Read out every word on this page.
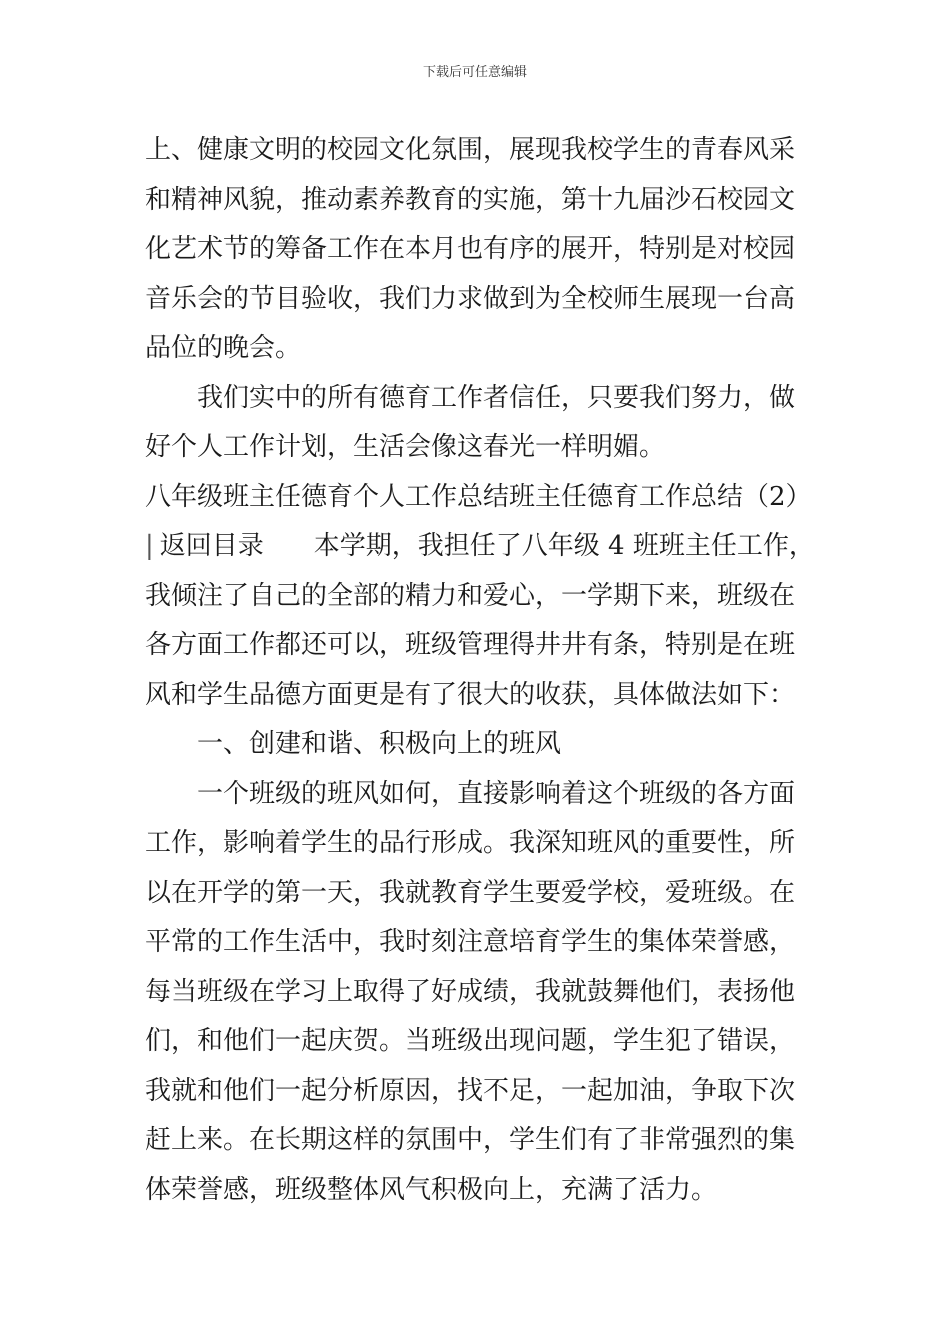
下载后可任意编辑
上、健康文明的校园文化氛围，展现我校学生的青春风采
和精神风貌，推动素养教育的实施，第十九届沙石校园文
化艺术节的筹备工作在本月也有序的展开，特别是对校园
音乐会的节目验收，我们力求做到为全校师生展现一台高
品位的晚会。
我们实中的所有德育工作者信任，只要我们努力，做
好个人工作计划，生活会像这春光一样明媚。
八年级班主任德育个人工作总结班主任德育工作总结（2）
| 返回目录 本学期，我担任了八年级 4 班班主任工作，
我倾注了自己的全部的精力和爱心，一学期下来，班级在
各方面工作都还可以，班级管理得井井有条，特别是在班
风和学生品德方面更是有了很大的收获，具体做法如下：
一、创建和谐、积极向上的班风
一个班级的班风如何，直接影响着这个班级的各方面
工作，影响着学生的品行形成。我深知班风的重要性，所
以在开学的第一天，我就教育学生要爱学校，爱班级。在
平常的工作生活中，我时刻注意培育学生的集体荣誉感，
每当班级在学习上取得了好成绩，我就鼓舞他们，表扬他
们，和他们一起庆贺。当班级出现问题，学生犯了错误，
我就和他们一起分析原因，找不足，一起加油，争取下次
赶上来。在长期这样的氛围中，学生们有了非常强烈的集
体荣誉感，班级整体风气积极向上，充满了活力。
